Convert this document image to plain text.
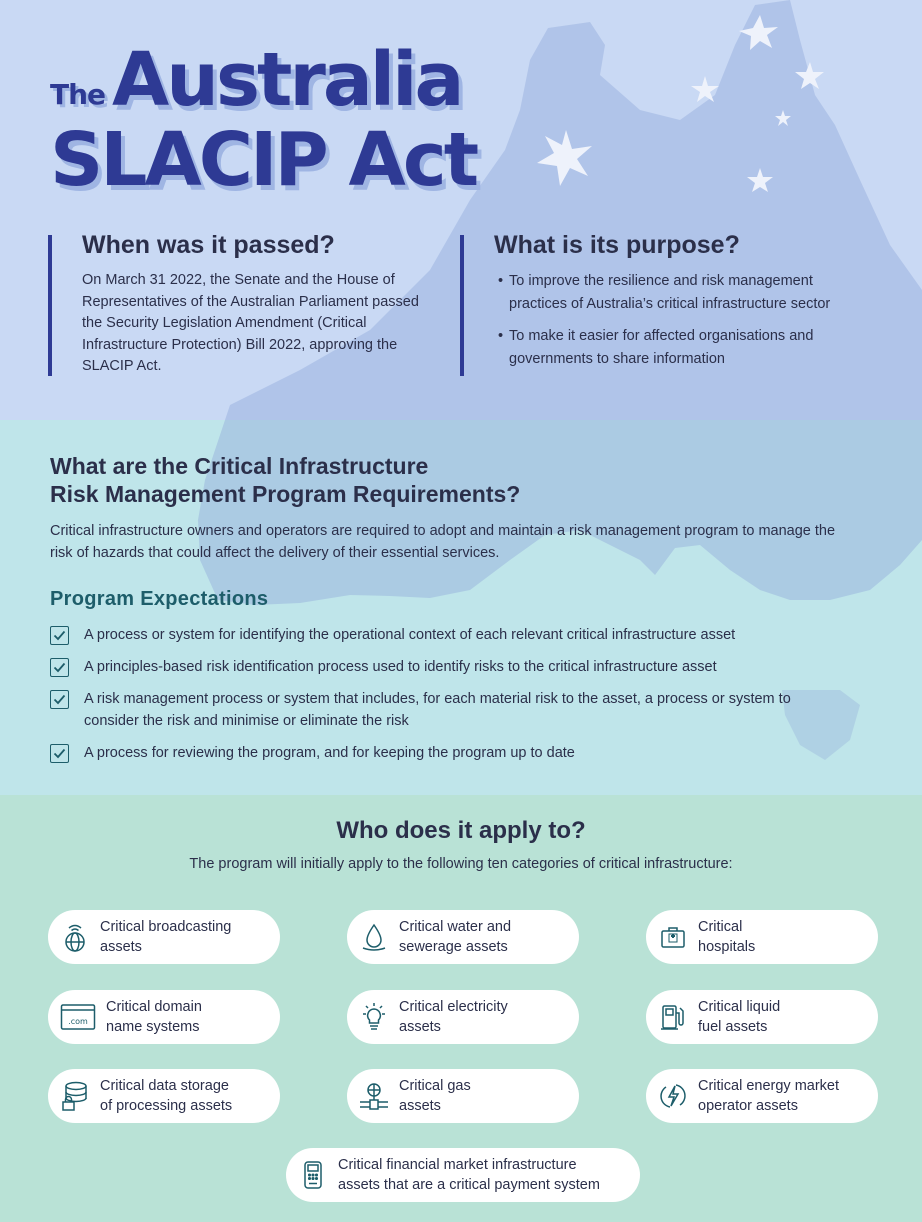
The Australia
SLACIP Act
When was it passed?

On March 31 2022, the Senate and the House of Representatives of the Australian Parliament passed the Security Legislation Amendment (Critical Infrastructure Protection) Bill 2022, approving the SLACIP Act.

What is its purpose?
• To improve the resilience and risk management practices of Australia’s critical infrastructure sector
• To make it easier for affected organisations and governments to share information
What are the Critical Infrastructure
Risk Management Program Requirements?

Critical infrastructure owners and operators are required to adopt and maintain a risk management program to manage the risk of hazards that could affect the delivery of their essential services.

Program Expectations
A process or system for identifying the operational context of each relevant critical infrastructure asset
A principles-based risk identification process used to identify risks to the critical infrastructure asset
A risk management process or system that includes, for each material risk to the asset, a process or system to consider the risk and minimise or eliminate the risk
A process for reviewing the program, and for keeping the program up to date
Who does it apply to?
The program will initially apply to the following ten categories of critical infrastructure:
Critical broadcasting
assets
Critical water and
sewerage assets
Critical
hospitals
.com
Critical domain
name systems
Critical electricity
assets
Critical liquid
fuel assets
Critical data storage
of processing assets
Critical gas
assets
Critical energy market
operator assets
Critical financial market infrastructure
assets that are a critical payment system
